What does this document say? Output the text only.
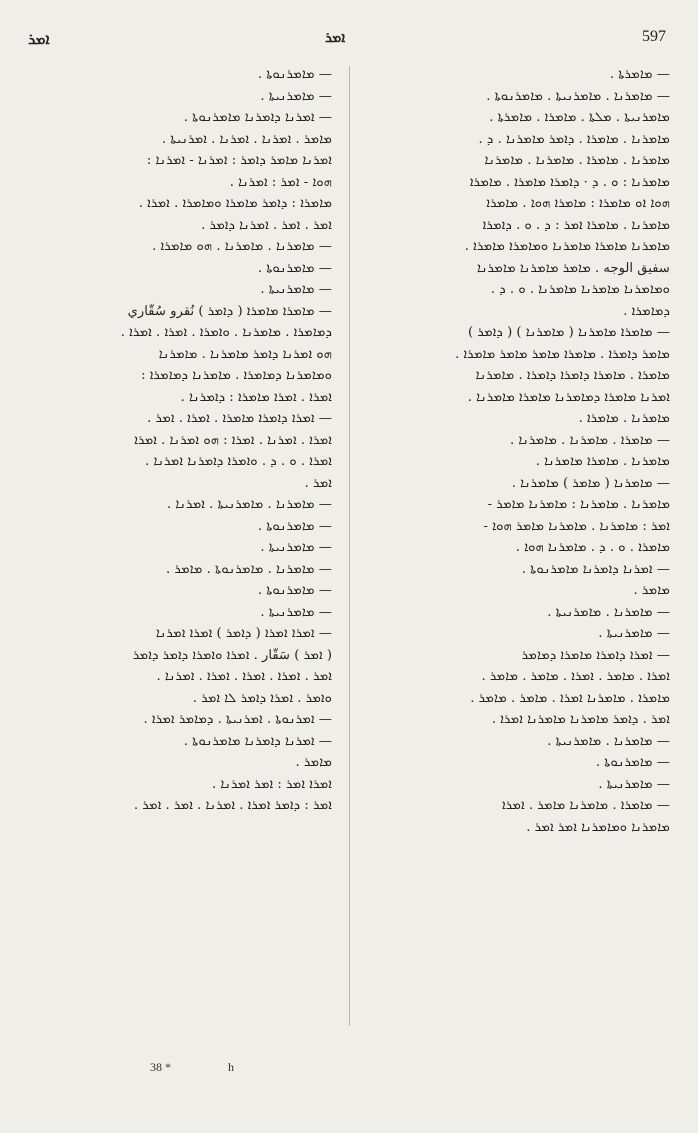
ܐܡܪ	ܐܡܪ	597
— ܡܐܡܪܬܐ .
— ܡܐܡܪܢܐ . ܡܐܡܪܢܝܬܐ . ܡܐܡܪܢܘܬܐ .
ܡܐܡܪܢܝܬܐ . ܡܠܬܐ . ܡܐܡܪܐ . ܡܐܡܪܬܐ .
ܡܐܡܪܢܐ . ܡܐܡܪܐ . ܕܐܡܪ ܡܐܡܪܢܐ . ܕ .
ܡܐܡܪܢܐ . ܡܐܡܪܐ . ܡܐܡܪܢܐ . ܡܐܡܪܢܐ
ܡܐܡܪܢܐ : ܘ . ܕ · ܕܐܡܪܐ ܡܐܡܪܐ . ܡܐܡܪܐ
ܗܘܐ ܐܘ ܡܐܡܪܐ : ܡܐܡܪܐ ܗܘܐ . ܡܐܡܪܐ
ܡܐܡܪܢܐ . ܡܐܡܪܐ ܐܡܪ : ܕ . ܘ . ܕܐܡܪܐ
ܡܐܡܪܢܐ ܡܐܡܪܐ ܡܐܡܪܢܐ ܘܡܐܡܪܐ ܡܐܡܪܐ .
سفيق الوجه . ܡܐܡܪ ܡܐܡܪܢܐ ܡܐܡܪܢܐ
ܘܡܐܡܪܢܐ ܡܐܡܪܢܐ ܡܐܡܪܢܐ . ܘ . ܕ .
ܕܡܐܡܪܐ .
— ܡܐܡܪܐ ܡܐܡܪܢܐ ( ܡܐܡܪܢܐ ) ( ܕܐܡܪ )
ܡܐܡܪ ܕܐܡܪܐ . ܡܐܡܪܐ ܡܐܡܪ ܡܐܡܪ ܡܐܡܪܐ .
ܡܐܡܪܐ . ܡܐܡܪܐ ܕܐܡܪܐ ܕܐܡܪܐ . ܡܐܡܪܢܐ
ܐܡܪܢܐ ܡܐܡܪܐ ܕܡܐܡܪܢܐ ܡܐܡܪܐ ܡܐܡܪܢܐ .
ܡܐܡܪܢܐ . ܡܐܡܪܐ .
— ܡܐܡܪܐ . ܡܐܡܪܢܐ . ܡܐܡܪܢܐ .
ܡܐܡܪܢܐ . ܡܐܡܪܐ ܡܐܡܪܢܐ .
— ܡܐܡܪܢܐ ( ܡܐܡܪ ) ܡܐܡܪܢܐ .
ܡܐܡܪܢܐ . ܡܐܡܪܢܐ : ܡܐܡܪܢܐ ܡܐܡܪ -
ܐܡܪ : ܡܐܡܪܢܐ . ܡܐܡܪܢܐ ܡܐܡܪ ܗܘܐ -
ܡܐܡܪܐ . ܘ . ܕ . ܡܐܡܪܢܐ ܗܘܐ .
— ܐܡܪܢܐ ܕܐܡܪܢܐ ܡܐܡܪܢܘܬܐ .
ܡܐܡܪ .
— ܡܐܡܪܢܐ . ܡܐܡܪܢܝܬܐ .
— ܡܐܡܪܢܝܬܐ .
— ܐܡܪܐ ܕܐܡܪܐ ܡܐܡܪܐ ܕܡܐܡܪ
ܐܡܪܐ . ܡܐܡܪ . ܐܡܪܐ . ܡܐܡܪ . ܡܐܡܪ .
ܡܐܡܪܐ . ܡܐܡܪܢܐ ܐܡܪܐ . ܡܐܡܪ . ܡܐܡܪ .
ܐܡܪ . ܕܐܡܪ ܡܐܡܪܢܐ ܡܐܡܪܢܐ ܐܡܪܐ .
— ܡܐܡܪܢܐ . ܡܐܡܪܢܝܬܐ .
— ܡܐܡܪܢܘܬܐ .
— ܡܐܡܪܢܝܬܐ .
— ܡܐܡܪܐ . ܡܐܡܪܢܐ ܡܐܡܪ . ܐܡܪܐ
ܡܐܡܪܢܐ ܘܡܐܡܪܢܐ ܐܡܪ ܐܡܪ .
— ܡܐܡܪܢܘܬܐ .
— ܡܐܡܪܢܝܬܐ .
— ܐܡܪܢܐ ܕܐܡܪܢܐ ܡܐܡܪܢܘܬܐ .
ܡܐܡܪ . ܐܡܪܢܐ . ܐܡܪܢܐ . ܐܡܪܢܝܬܐ .
ܐܡܪܢܐ ܡܐܡܪ ܕܐܡܪ : ܐܡܪܢܐ - ܐܡܪܢܐ :
ܗܘܐ - ܐܡܪ : ܐܡܪܢܐ .
ܡܐܡܪܐ : ܕܐܡܪ ܡܐܡܪܐ ܘܡܐܡܪܐ . ܐܡܪܐ .
ܐܡܪ . ܐܡܪ . ܐܡܪܢܐ ܕܐܡܪ .
— ܡܐܡܪܢܐ . ܡܐܡܪܢܐ . ܗܘ ܡܐܡܪܐ .
— ܡܐܡܪܢܘܬܐ .
— ܡܐܡܪܢܝܬܐ .
— ܡܐܡܪܐ ܡܐܡܪܐ ( ܕܐܡܪ ) نُقرو سُقّاري
ܕܡܐܡܪܐ . ܡܐܡܪܢܐ . ܘܐܡܪܐ . ܐܡܪܐ . ܐܡܪܐ .
ܗܘ ܐܡܪܢܐ ܕܐܡܪ ܡܐܡܪܢܐ . ܡܐܡܪܢܐ
ܘܡܐܡܪܢܐ ܕܡܐܡܪܐ . ܡܐܡܪܢܐ ܕܡܐܡܪܐ :
ܐܡܪܐ . ܐܡܪܐ ܡܐܡܪܐ : ܕܐܡܪܢܐ .
— ܐܡܪܐ ܕܐܡܪܐ ܡܐܡܪܐ . ܐܡܪܐ . ܐܡܪ .
ܐܡܪܐ . ܐܡܪܢܐ . ܐܡܪܐ : ܗܘ ܐܡܪܢܐ . ܐܡܪܐ
ܐܡܪܐ . ܘ . ܕ . ܘܐܡܪܐ ܕܐܡܪܢܐ ܐܡܪܢܐ .
ܐܡܪ .
— ܡܐܡܪܢܐ . ܡܐܡܪܢܝܬܐ . ܐܡܪܢܐ .
— ܡܐܡܪܢܘܬܐ .
— ܡܐܡܪܢܝܬܐ .
— ܡܐܡܪܢܐ . ܡܐܡܪܢܘܬܐ . ܡܐܡܪ .
— ܡܐܡܪܢܘܬܐ .
— ܡܐܡܪܢܝܬܐ .
— ܐܡܪܐ ܐܡܪܐ ( ܕܐܡܪ ) ܐܡܪܐ ܐܡܪܢܐ
( ܐܡܪ ) سَقّار . ܐܡܪܐ ܘܐܡܪܐ ܕܐܡܪ ܕܐܡܪ
ܐܡܪ . ܐܡܪܐ . ܐܡܪܐ . ܐܡܪܐ . ܐܡܪܢܐ .
ܘܐܡܪ . ܐܡܪܐ ܕܐܡܪ ܠܐ ܐܡܪ .
— ܐܡܪܢܘܬܐ . ܐܡܪܢܝܬܐ . ܕܡܐܡܪ ܐܡܪܐ .
— ܐܡܪܢܐ ܕܐܡܪܢܐ ܡܐܡܪܢܘܬܐ .
ܡܐܡܪ .
ܐܡܪܐ ܐܡܪ : ܐܡܪ ܐܡܪܢܐ .
ܐܡܪ : ܕܐܡܪ ܐܡܪܐ . ܐܡܪܢܐ . ܐܡܪ . ܐܡܪ .
38 *	h
